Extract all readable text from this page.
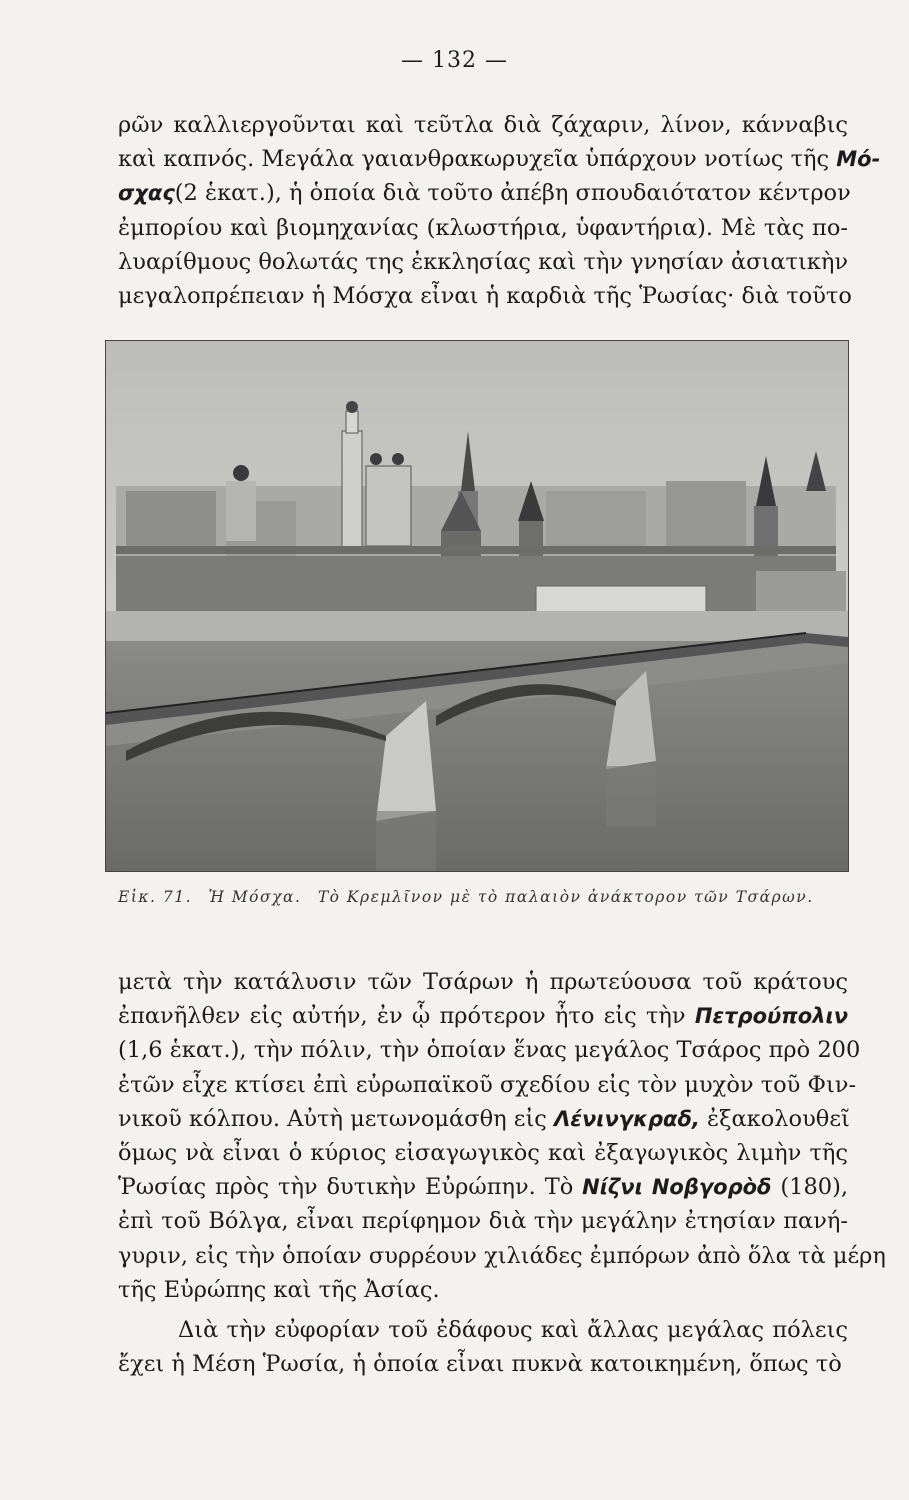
— 132 —
ρῶν καλλιεργοῦνται καὶ τεῦτλα διὰ ζάχαριν, λίνον, κάνναβις
καὶ καπνός. Μεγάλα γαιανθρακωρυχεῖα ὑπάρχουν νοτίως τῆς Μό-
σχας(2 ἑκατ.), ἡ ὁποία διὰ τοῦτο ἀπέβη σπουδαιότατον κέντρον
ἐμπορίου καὶ βιομηχανίας (κλωστήρια, ὑφαντήρια). Μὲ τὰς πο-
λυαρίθμους θολωτάς της ἐκκλησίας καὶ τὴν γνησίαν ἀσιατικὴν
μεγαλοπρέπειαν ἡ Μόσχα εἶναι ἡ καρδιὰ τῆς Ῥωσίας· διὰ τοῦτο
Εἰκ. 71. Ἡ Μόσχα. Τὸ Κρεμλῖνον μὲ τὸ παλαιὸν ἀνάκτορον τῶν Τσάρων.
μετὰ τὴν κατάλυσιν τῶν Τσάρων ἡ πρωτεύουσα τοῦ κράτους
ἐπανῆλθεν εἰς αὐτήν, ἐν ᾧ πρότερον ἦτο εἰς τὴν Πετρούπολιν
(1,6 ἑκατ.), τὴν πόλιν, τὴν ὁποίαν ἕνας μεγάλος Τσάρος πρὸ 200
ἐτῶν εἶχε κτίσει ἐπὶ εὐρωπαϊκοῦ σχεδίου εἰς τὸν μυχὸν τοῦ Φιν-
νικοῦ κόλπου. Αὐτὴ μετωνομάσθη εἰς Λένινγκραδ, ἐξακολουθεῖ
ὅμως νὰ εἶναι ὁ κύριος εἰσαγωγικὸς καὶ ἐξαγωγικὸς λιμὴν τῆς
Ῥωσίας πρὸς τὴν δυτικὴν Εὐρώπην. Τὸ Νίζνι Νοβγορὸδ (180),
ἐπὶ τοῦ Βόλγα, εἶναι περίφημον διὰ τὴν μεγάλην ἐτησίαν πανή-
γυριν, εἰς τὴν ὁποίαν συρρέουν χιλιάδες ἐμπόρων ἀπὸ ὅλα τὰ μέρη
τῆς Εὐρώπης καὶ τῆς Ἀσίας.
Διὰ τὴν εὐφορίαν τοῦ ἐδάφους καὶ ἄλλας μεγάλας πόλεις
ἔχει ἡ Μέση Ῥωσία, ἡ ὁποία εἶναι πυκνὰ κατοικημένη, ὅπως τὸ
